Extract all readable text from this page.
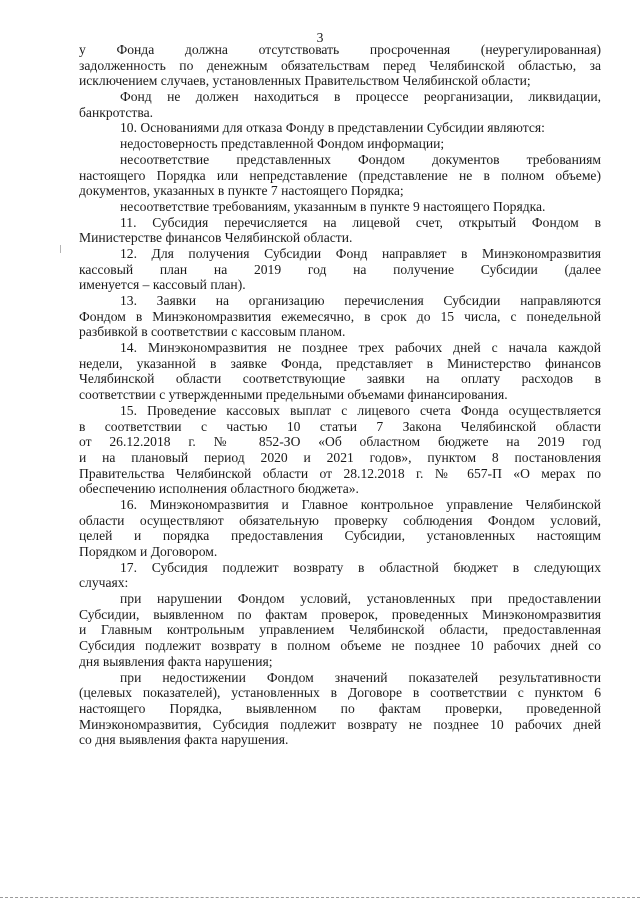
3
|
у Фонда должна отсутствовать просроченная (неурегулированная)
задолженность по денежным обязательствам перед Челябинской областью, за
исключением случаев, установленных Правительством Челябинской области;
Фонд не должен находиться в процессе реорганизации, ликвидации,
банкротства.
10. Основаниями для отказа Фонду в представлении Субсидии являются:
недостоверность представленной Фондом информации;
несоответствие представленных Фондом документов требованиям
настоящего Порядка или непредставление (представление не в полном объеме)
документов, указанных в пункте 7 настоящего Порядка;
несоответствие требованиям, указанным в пункте 9 настоящего Порядка.
11. Субсидия перечисляется на лицевой счет, открытый Фондом в
Министерстве финансов Челябинской области.
12. Для получения Субсидии Фонд направляет в Минэкономразвития
кассовый план на 2019 год на получение Субсидии (далее
именуется – кассовый план).
13. Заявки на организацию перечисления Субсидии направляются
Фондом в Минэкономразвития ежемесячно, в срок до 15 числа, с понедельной
разбивкой в соответствии с кассовым планом.
14. Минэкономразвития не позднее трех рабочих дней с начала каждой
недели, указанной в заявке Фонда, представляет в Министерство финансов
Челябинской области соответствующие заявки на оплату расходов в
соответствии с утвержденными предельными объемами финансирования.
15. Проведение кассовых выплат с лицевого счета Фонда осуществляется
в соответствии с частью 10 статьи 7 Закона Челябинской области
от 26.12.2018 г. № 852-ЗО «Об областном бюджете на 2019 год
и на плановый период 2020 и 2021 годов», пунктом 8 постановления
Правительства Челябинской области от 28.12.2018 г. № 657-П «О мерах по
обеспечению исполнения областного бюджета».
16. Минэкономразвития и Главное контрольное управление Челябинской
области осуществляют обязательную проверку соблюдения Фондом условий,
целей и порядка предоставления Субсидии, установленных настоящим
Порядком и Договором.
17. Субсидия подлежит возврату в областной бюджет в следующих
случаях:
при нарушении Фондом условий, установленных при предоставлении
Субсидии, выявленном по фактам проверок, проведенных Минэкономразвития
и Главным контрольным управлением Челябинской области, предоставленная
Субсидия подлежит возврату в полном объеме не позднее 10 рабочих дней со
дня выявления факта нарушения;
при недостижении Фондом значений показателей результативности
(целевых показателей), установленных в Договоре в соответствии с пунктом 6
настоящего Порядка, выявленном по фактам проверки, проведенной
Минэкономразвития, Субсидия подлежит возврату не позднее 10 рабочих дней
со дня выявления факта нарушения.
